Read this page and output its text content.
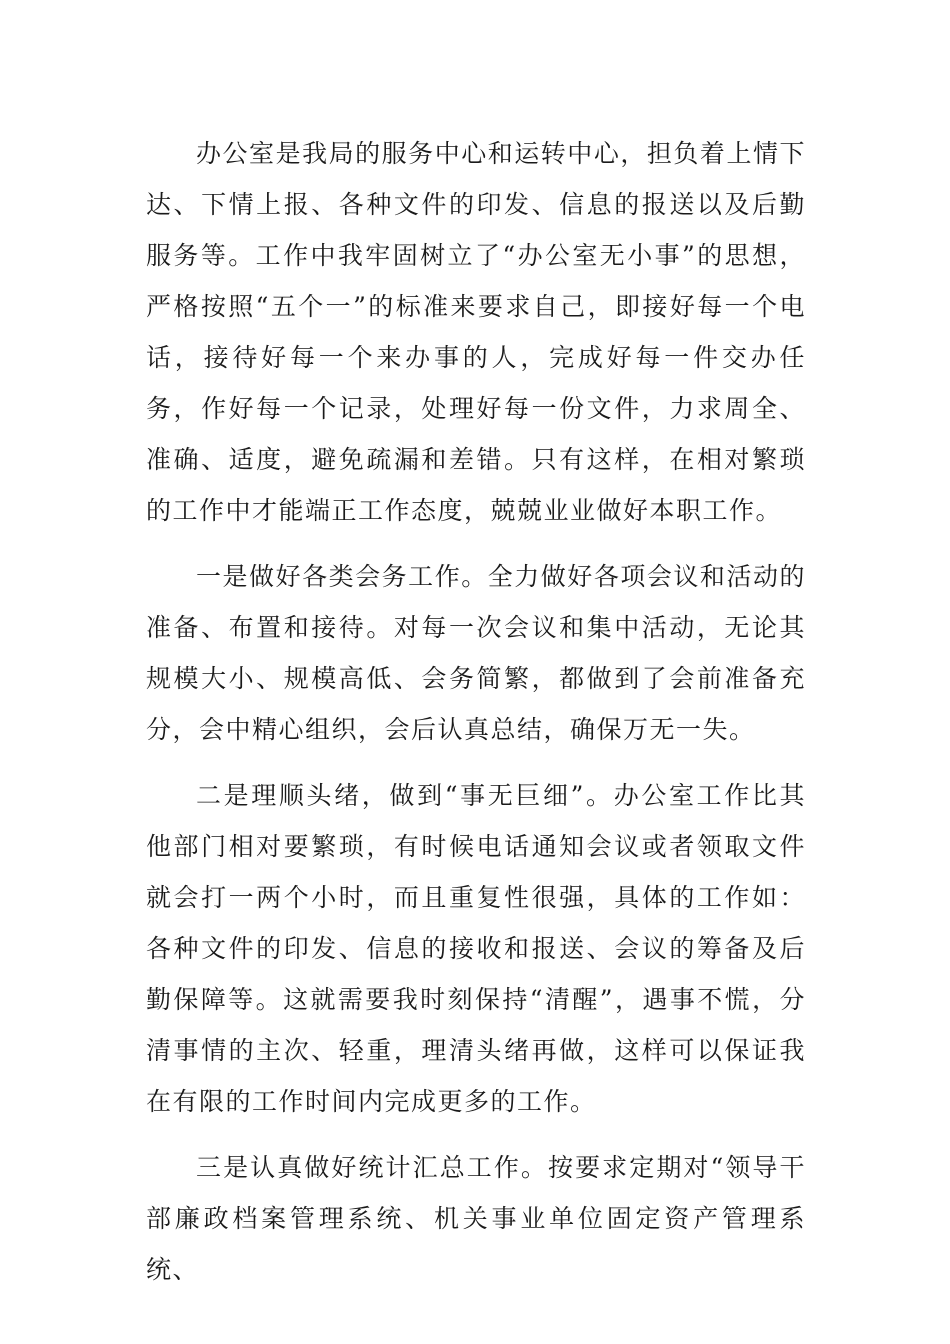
办公室是我局的服务中心和运转中心，担负着上情下达、下情上报、各种文件的印发、信息的报送以及后勤服务等。工作中我牢固树立了“办公室无小事”的思想，严格按照“五个一”的标准来要求自己，即接好每一个电话，接待好每一个来办事的人，完成好每一件交办任务，作好每一个记录，处理好每一份文件，力求周全、准确、适度，避免疏漏和差错。只有这样，在相对繁琐的工作中才能端正工作态度，兢兢业业做好本职工作。

一是做好各类会务工作。全力做好各项会议和活动的准备、布置和接待。对每一次会议和集中活动，无论其规模大小、规模高低、会务简繁，都做到了会前准备充分，会中精心组织，会后认真总结，确保万无一失。

二是理顺头绪，做到“事无巨细”。办公室工作比其他部门相对要繁琐，有时候电话通知会议或者领取文件就会打一两个小时，而且重复性很强，具体的工作如：各种文件的印发、信息的接收和报送、会议的筹备及后勤保障等。这就需要我时刻保持“清醒”，遇事不慌，分清事情的主次、轻重，理清头绪再做，这样可以保证我在有限的工作时间内完成更多的工作。

三是认真做好统计汇总工作。按要求定期对“领导干部廉政档案管理系统、机关事业单位固定资产管理系统、
